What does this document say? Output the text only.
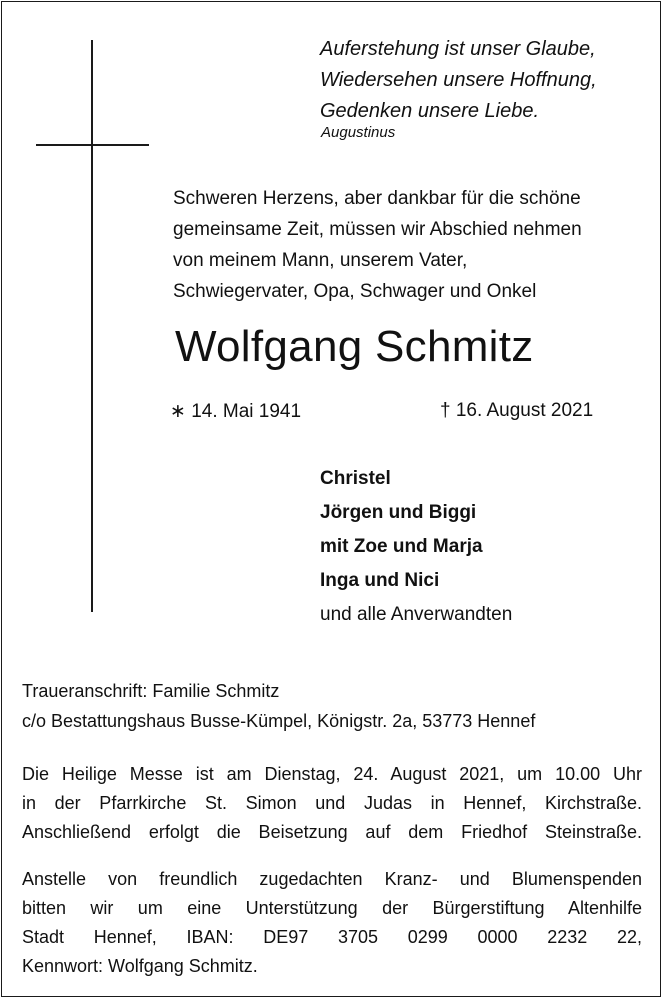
Auferstehung ist unser Glaube,
Wiedersehen unsere Hoffnung,
Gedenken unsere Liebe.
Augustinus
Schweren Herzens, aber dankbar für die schöne
gemeinsame Zeit, müssen wir Abschied nehmen
von meinem Mann, unserem Vater,
Schwiegervater, Opa, Schwager und Onkel
Wolfgang Schmitz
∗ 14. Mai 1941	† 16. August 2021
Christel
Jörgen und Biggi
mit Zoe und Marja
Inga und Nici
und alle Anverwandten
Traueranschrift: Familie Schmitz
c/o Bestattungshaus Busse-Kümpel, Königstr. 2a, 53773 Hennef
Die Heilige Messe ist am Dienstag, 24. August 2021, um 10.00 Uhr
in der Pfarrkirche St. Simon und Judas in Hennef, Kirchstraße.
Anschließend erfolgt die Beisetzung auf dem Friedhof Steinstraße.
Anstelle von freundlich zugedachten Kranz- und Blumenspenden
bitten wir um eine Unterstützung der Bürgerstiftung Altenhilfe
Stadt Hennef, IBAN: DE97 3705 0299 0000 2232 22,
Kennwort: Wolfgang Schmitz.
